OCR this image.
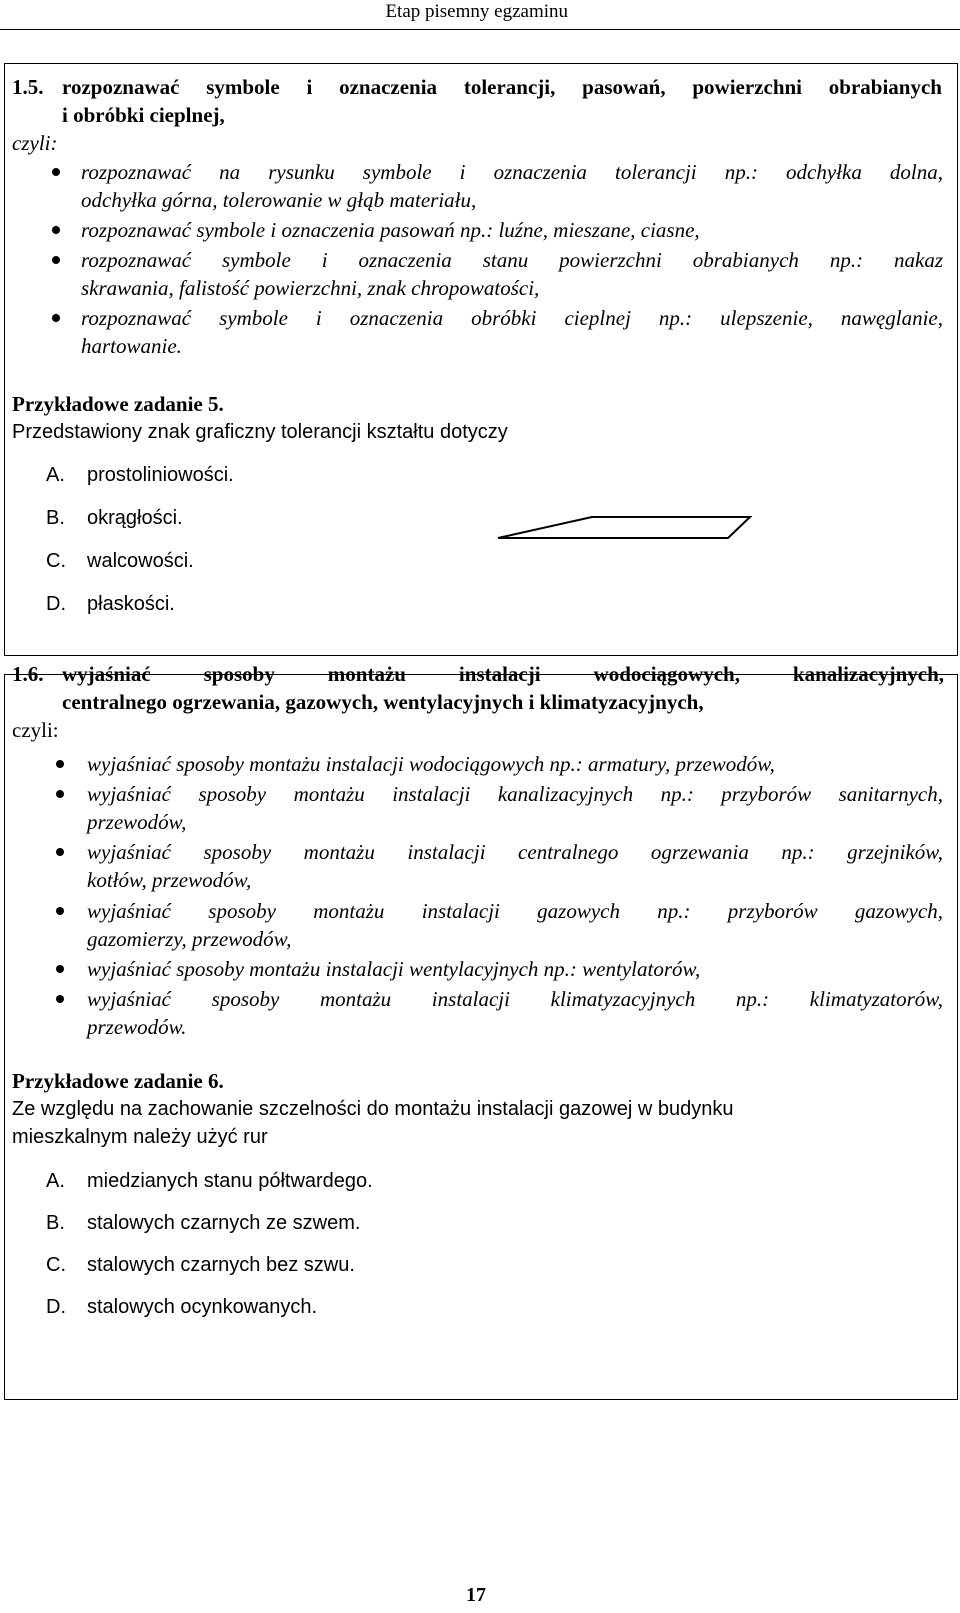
Etap pisemny egzaminu
1.5. rozpoznawać symbole i oznaczenia tolerancji, pasowań, powierzchni obrabianych
i obróbki cieplnej,
czyli:
rozpoznawać na rysunku symbole i oznaczenia tolerancji np.: odchyłka dolna,
odchyłka górna, tolerowanie w głąb materiału,
rozpoznawać symbole i oznaczenia pasowań np.: luźne, mieszane, ciasne,
rozpoznawać symbole i oznaczenia stanu powierzchni obrabianych np.: nakaz
skrawania, falistość powierzchni, znak chropowatości,
rozpoznawać symbole i oznaczenia obróbki cieplnej np.: ulepszenie, nawęglanie,
hartowanie.
Przykładowe zadanie 5.
Przedstawiony znak graficzny tolerancji kształtu dotyczy
A. prostoliniowości.
B. okrągłości.
C. walcowości.
D. płaskości.
1.6. wyjaśniać sposoby montażu instalacji wodociągowych, kanalizacyjnych,
centralnego ogrzewania, gazowych, wentylacyjnych i klimatyzacyjnych,
czyli:
wyjaśniać sposoby montażu instalacji wodociągowych np.: armatury, przewodów,
wyjaśniać sposoby montażu instalacji kanalizacyjnych np.: przyborów sanitarnych,
przewodów,
wyjaśniać sposoby montażu instalacji centralnego ogrzewania np.: grzejników,
kotłów, przewodów,
wyjaśniać sposoby montażu instalacji gazowych np.: przyborów gazowych,
gazomierzy, przewodów,
wyjaśniać sposoby montażu instalacji wentylacyjnych np.: wentylatorów,
wyjaśniać sposoby montażu instalacji klimatyzacyjnych np.: klimatyzatorów,
przewodów.
Przykładowe zadanie 6.
Ze względu na zachowanie szczelności do montażu instalacji gazowej w budynku
mieszkalnym należy użyć rur
A. miedzianych stanu półtwardego.
B. stalowych czarnych ze szwem.
C. stalowych czarnych bez szwu.
D. stalowych ocynkowanych.
17
